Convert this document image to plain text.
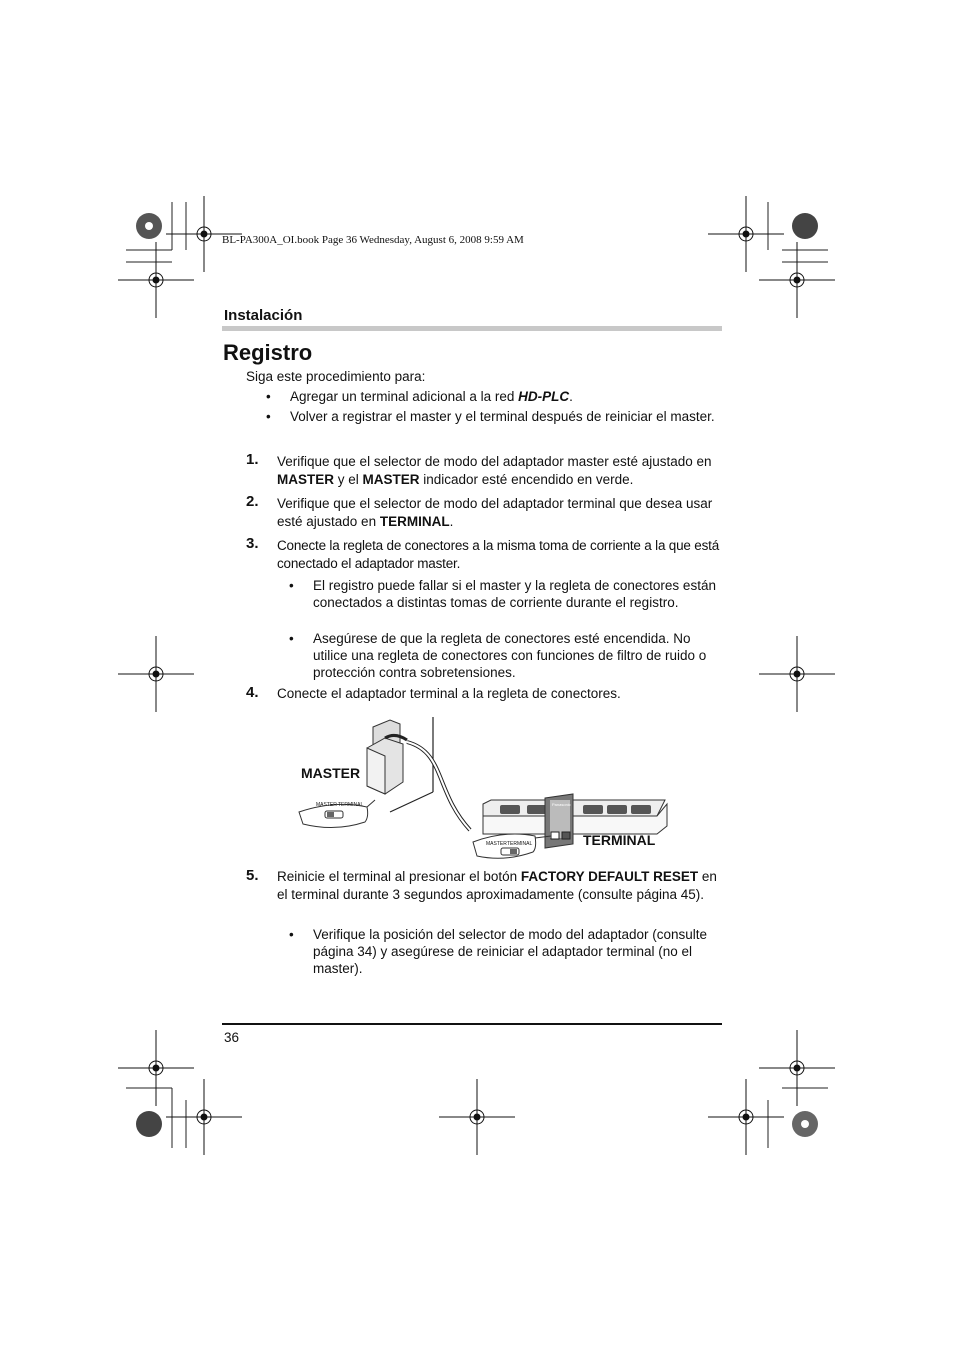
BL-PA300A_OI.book Page 36 Wednesday, August 6, 2008 9:59 AM
Instalación
Registro
Siga este procedimiento para:
• Agregar un terminal adicional a la red HD-PLC.
• Volver a registrar el master y el terminal después de reiniciar el master.
1. Verifique que el selector de modo del adaptador master esté ajustado en MASTER y el MASTER indicador esté encendido en verde.
2. Verifique que el selector de modo del adaptador terminal que desea usar esté ajustado en TERMINAL.
3. Conecte la regleta de conectores a la misma toma de corriente a la que está conectado el adaptador master.
• El registro puede fallar si el master y la regleta de conectores están conectados a distintas tomas de corriente durante el registro.
• Asegúrese de que la regleta de conectores esté encendida. No utilice una regleta de conectores con funciones de filtro de ruido o protección contra sobretensiones.
4. Conecte el adaptador terminal a la regleta de conectores.
MASTER
TERMINAL
MASTER TERMINAL
MASTER TERMINAL
Panasonic
5. Reinicie el terminal al presionar el botón FACTORY DEFAULT RESET en el terminal durante 3 segundos aproximadamente (consulte página 45).
• Verifique la posición del selector de modo del adaptador (consulte página 34) y asegúrese de reiniciar el adaptador terminal (no el master).
36
